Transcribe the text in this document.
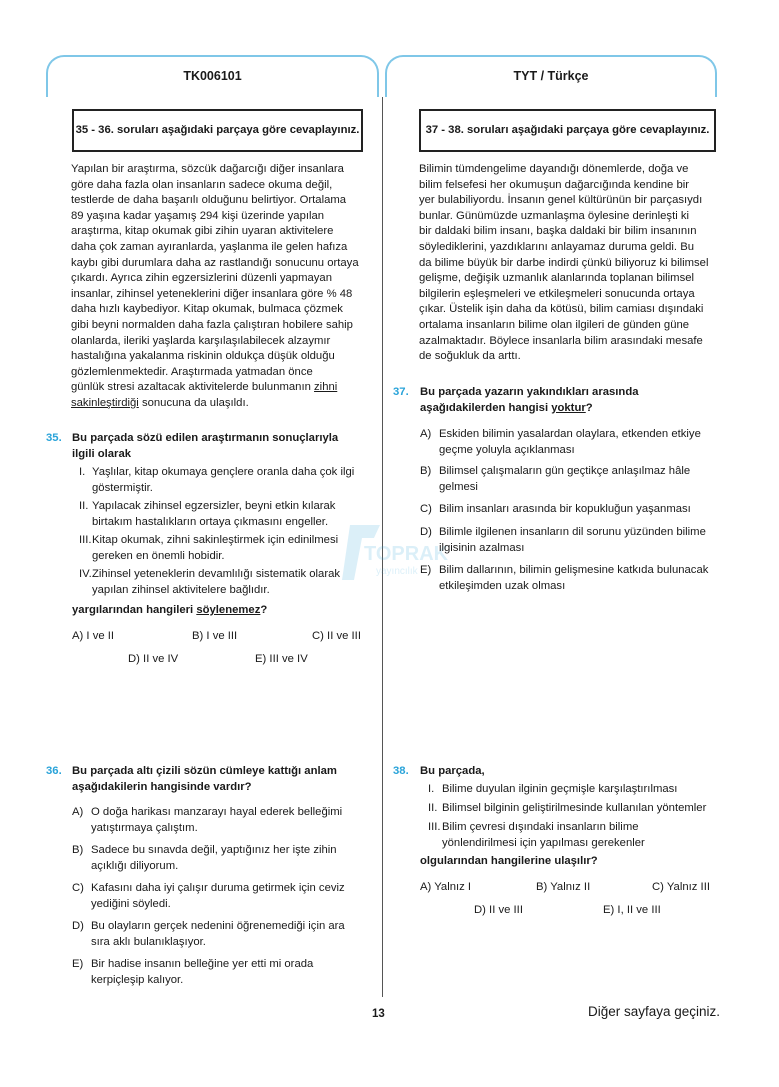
TK006101	TYT / Türkçe
TOPRAK
yayıncılık
35 - 36. soruları aşağıdaki parçaya göre cevaplayınız.
Yapılan bir araştırma, sözcük dağarcığı diğer insanlara
göre daha fazla olan insanların sadece okuma değil,
testlerde de daha başarılı olduğunu belirtiyor. Ortalama
89 yaşına kadar yaşamış 294 kişi üzerinde yapılan
araştırma, kitap okumak gibi zihin uyaran aktivitelere
daha çok zaman ayıranlarda, yaşlanma ile gelen hafıza
kaybı gibi durumlara daha az rastlandığı sonucunu ortaya
çıkardı. Ayrıca zihin egzersizlerini düzenli yapmayan
insanlar, zihinsel yeteneklerini diğer insanlara göre % 48
daha hızlı kaybediyor. Kitap okumak, bulmaca çözmek
gibi beyni normalden daha fazla çalıştıran hobilere sahip
olanlarda, ileriki yaşlarda karşılaşılabilecek alzaymır
hastalığına yakalanma riskinin oldukça düşük olduğu
gözlemlenmektedir. Araştırmada yatmadan önce
günlük stresi azaltacak aktivitelerde bulunmanın zihni
sakinleştirdiği sonucuna da ulaşıldı.
35. Bu parçada sözü edilen araştırmanın sonuçlarıyla
ilgili olarak
I. Yaşlılar, kitap okumaya gençlere oranla daha çok ilgi
göstermiştir.
II. Yapılacak zihinsel egzersizler, beyni etkin kılarak
birtakım hastalıkların ortaya çıkmasını engeller.
III. Kitap okumak, zihni sakinleştirmek için edinilmesi
gereken en önemli hobidir.
IV. Zihinsel yeteneklerin devamlılığı sistematik olarak
yapılan zihinsel aktivitelere bağlıdır.
yargılarından hangileri söylenemez?
A) I ve II	B) I ve III	C) II ve III
D) II ve IV	E) III ve IV
36. Bu parçada altı çizili sözün cümleye kattığı anlam
aşağıdakilerin hangisinde vardır?
A) O doğa harikası manzarayı hayal ederek belleğimi
yatıştırmaya çalıştım.
B) Sadece bu sınavda değil, yaptığınız her işte zihin
açıklığı diliyorum.
C) Kafasını daha iyi çalışır duruma getirmek için ceviz
yediğini söyledi.
D) Bu olayların gerçek nedenini öğrenemediği için ara
sıra aklı bulanıklaşıyor.
E) Bir hadise insanın belleğine yer etti mi orada
kerpiçleşip kalıyor.
37 - 38. soruları aşağıdaki parçaya göre cevaplayınız.
Bilimin tümdengelime dayandığı dönemlerde, doğa ve
bilim felsefesi her okumuşun dağarcığında kendine bir
yer bulabiliyordu. İnsanın genel kültürünün bir parçasıydı
bunlar. Günümüzde uzmanlaşma öylesine derinleşti ki
bir daldaki bilim insanı, başka daldaki bir bilim insanının
söylediklerini, yazdıklarını anlayamaz duruma geldi. Bu
da bilime büyük bir darbe indirdi çünkü biliyoruz ki bilimsel
gelişme, değişik uzmanlık alanlarında toplanan bilimsel
bilgilerin eşleşmeleri ve etkileşmeleri sonucunda ortaya
çıkar. Üstelik işin daha da kötüsü, bilim camiası dışındaki
ortalama insanların bilime olan ilgileri de günden güne
azalmaktadır. Böylece insanlarla bilim arasındaki mesafe
de soğukluk da arttı.
37. Bu parçada yazarın yakındıkları arasında
aşağıdakilerden hangisi yoktur?
A) Eskiden bilimin yasalardan olaylara, etkenden etkiye
geçme yoluyla açıklanması
B) Bilimsel çalışmaların gün geçtikçe anlaşılmaz hâle
gelmesi
C) Bilim insanları arasında bir kopukluğun yaşanması
D) Bilimle ilgilenen insanların dil sorunu yüzünden bilime
ilgisinin azalması
E) Bilim dallarının, bilimin gelişmesine katkıda bulunacak
etkileşimden uzak olması
38. Bu parçada,
I. Bilime duyulan ilginin geçmişle karşılaştırılması
II. Bilimsel bilginin geliştirilmesinde kullanılan yöntemler
III. Bilim çevresi dışındaki insanların bilime
yönlendirilmesi için yapılması gerekenler
olgularından hangilerine ulaşılır?
A) Yalnız I	B) Yalnız II	C) Yalnız III
D) II ve III	E) I, II ve III
13	Diğer sayfaya geçiniz.
